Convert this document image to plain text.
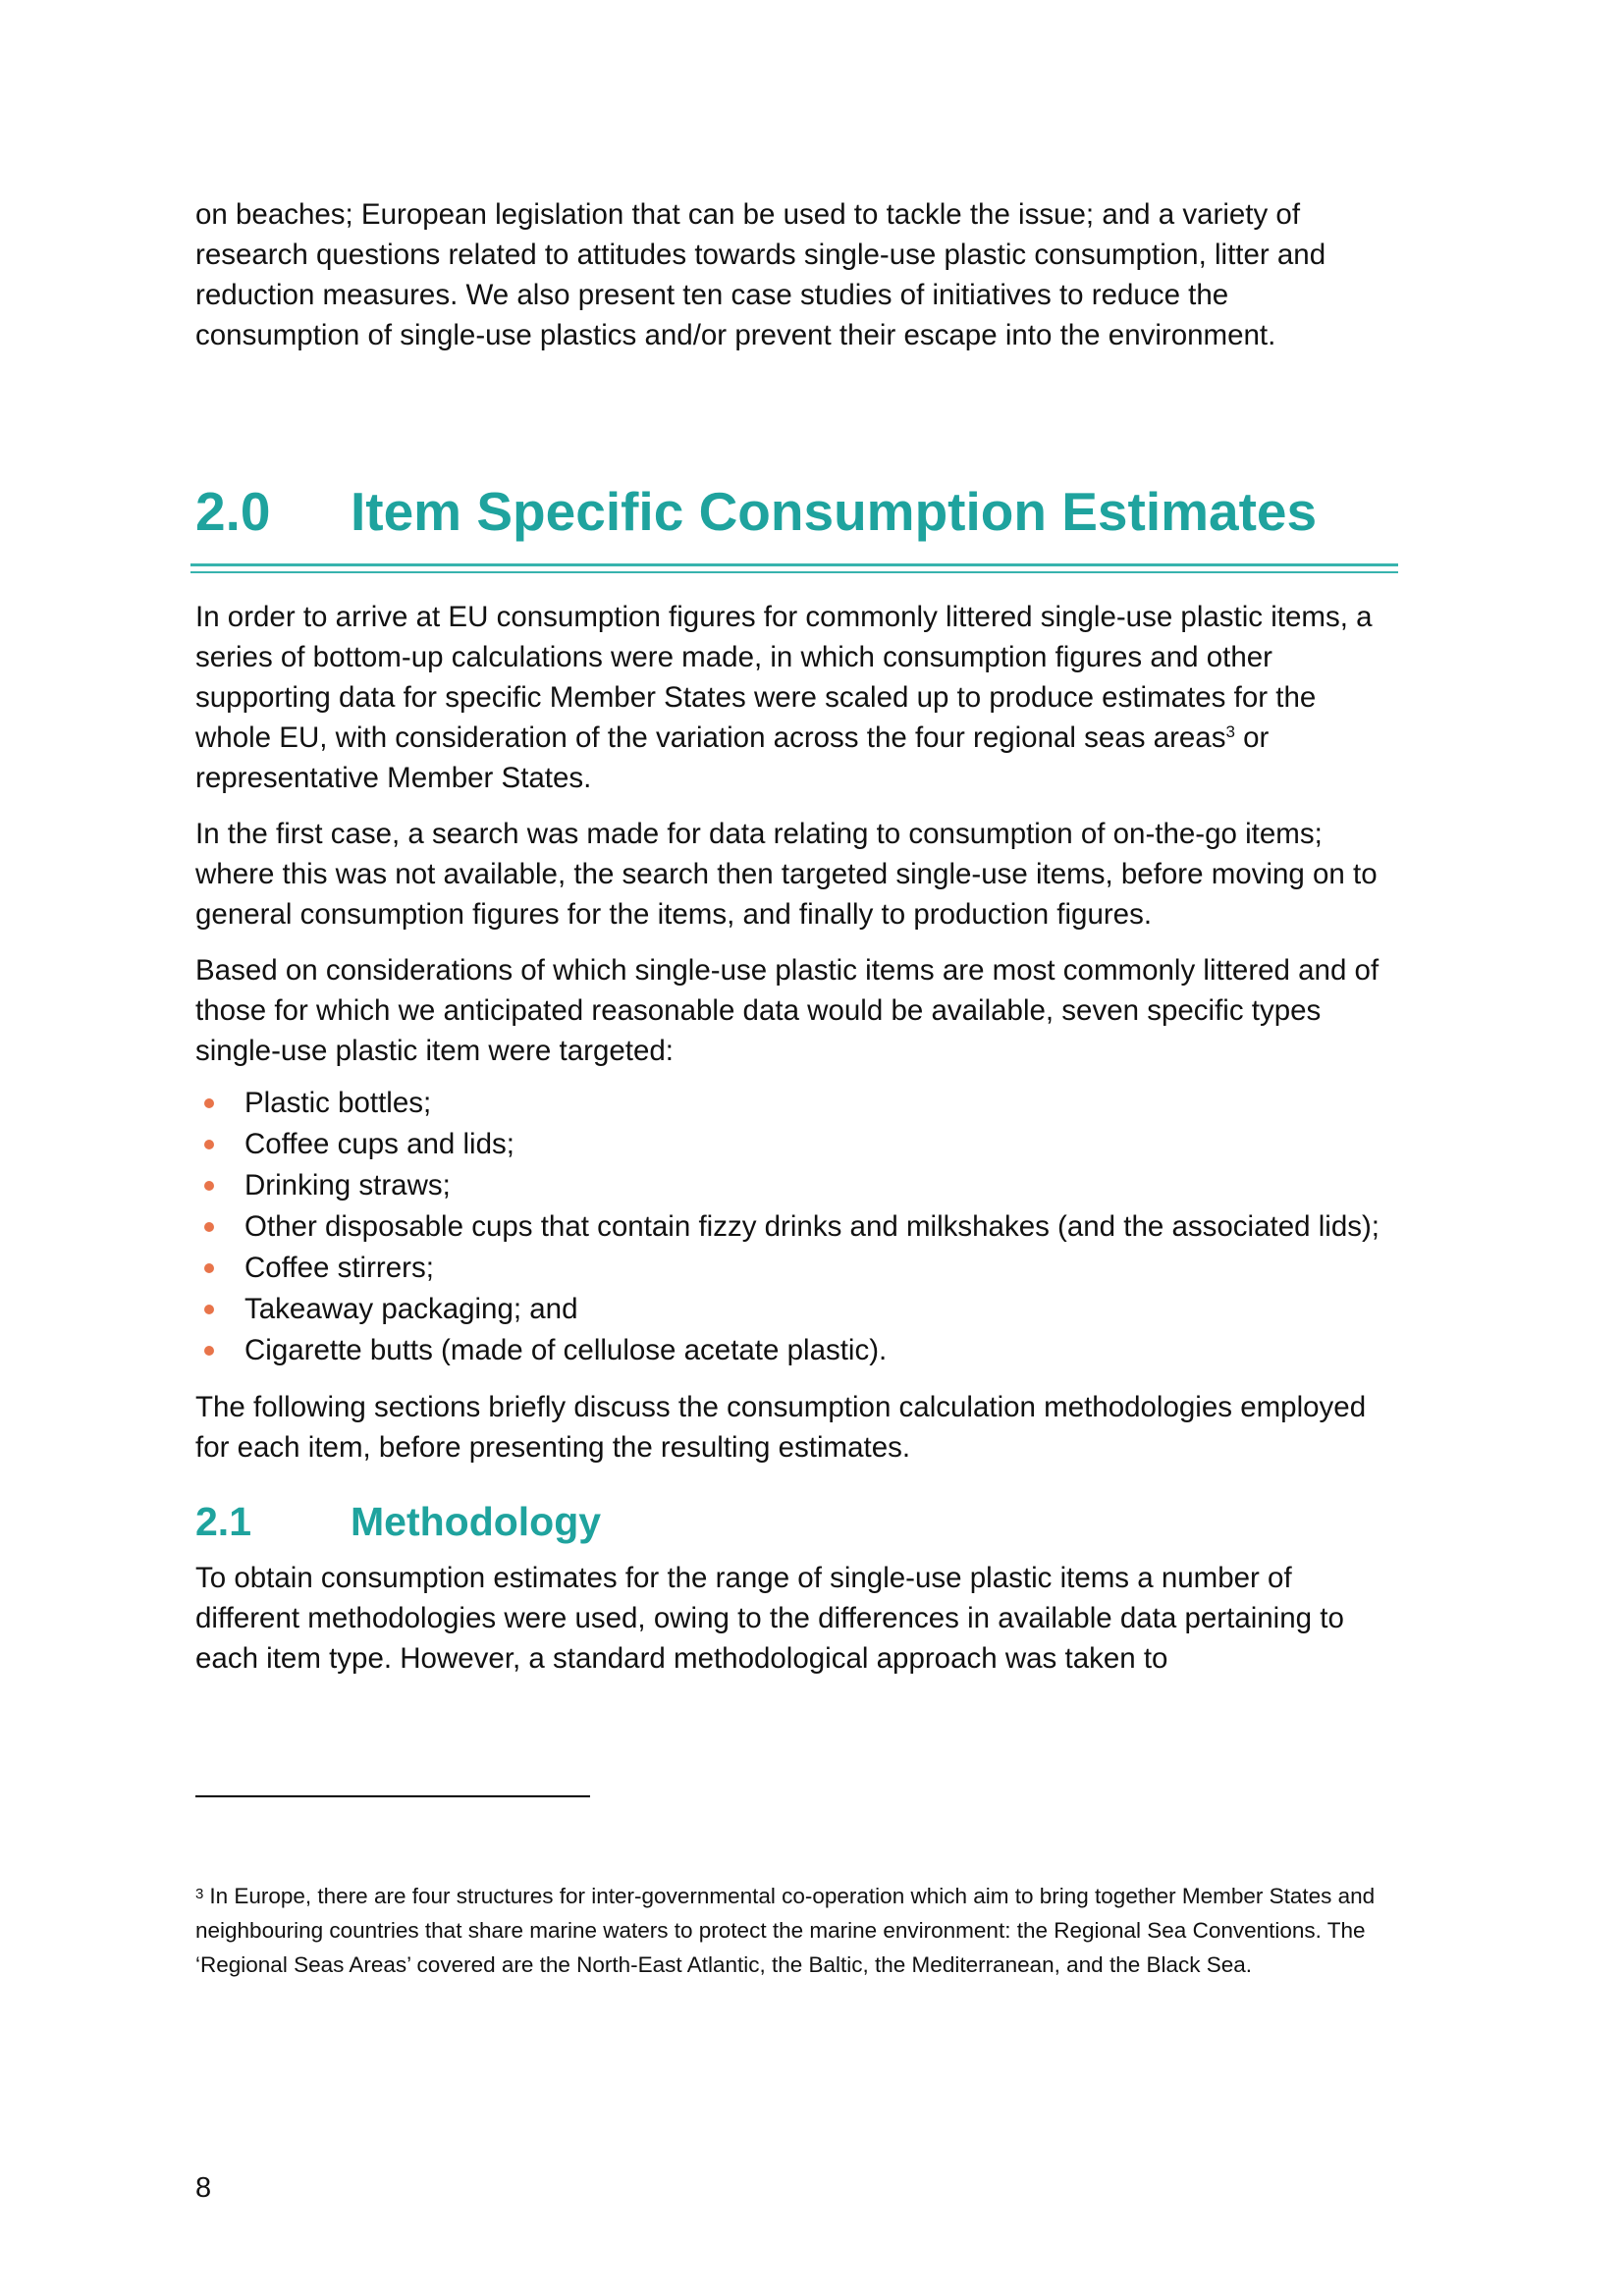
on beaches; European legislation that can be used to tackle the issue; and a variety of research questions related to attitudes towards single-use plastic consumption, litter and reduction measures. We also present ten case studies of initiatives to reduce the consumption of single-use plastics and/or prevent their escape into the environment.

2.0	Item Specific Consumption Estimates

In order to arrive at EU consumption figures for commonly littered single-use plastic items, a series of bottom-up calculations were made, in which consumption figures and other supporting data for specific Member States were scaled up to produce estimates for the whole EU, with consideration of the variation across the four regional seas areas$^3$ or representative Member States.

In the first case, a search was made for data relating to consumption of on-the-go items; where this was not available, the search then targeted single-use items, before moving on to general consumption figures for the items, and finally to production figures.

Based on considerations of which single-use plastic items are most commonly littered and of those for which we anticipated reasonable data would be available, seven specific types single-use plastic item were targeted:

Plastic bottles;
Coffee cups and lids;
Drinking straws;
Other disposable cups that contain fizzy drinks and milkshakes (and the associated lids);
Coffee stirrers;
Takeaway packaging; and
Cigarette butts (made of cellulose acetate plastic).

The following sections briefly discuss the consumption calculation methodologies employed for each item, before presenting the resulting estimates.

2.1	Methodology

To obtain consumption estimates for the range of single-use plastic items a number of different methodologies were used, owing to the differences in available data pertaining to each item type. However, a standard methodological approach was taken to

$^3$ In Europe, there are four structures for inter-governmental co-operation which aim to bring together Member States and neighbouring countries that share marine waters to protect the marine environment: the Regional Sea Conventions. The ‘Regional Seas Areas’ covered are the North-East Atlantic, the Baltic, the Mediterranean, and the Black Sea.
8
